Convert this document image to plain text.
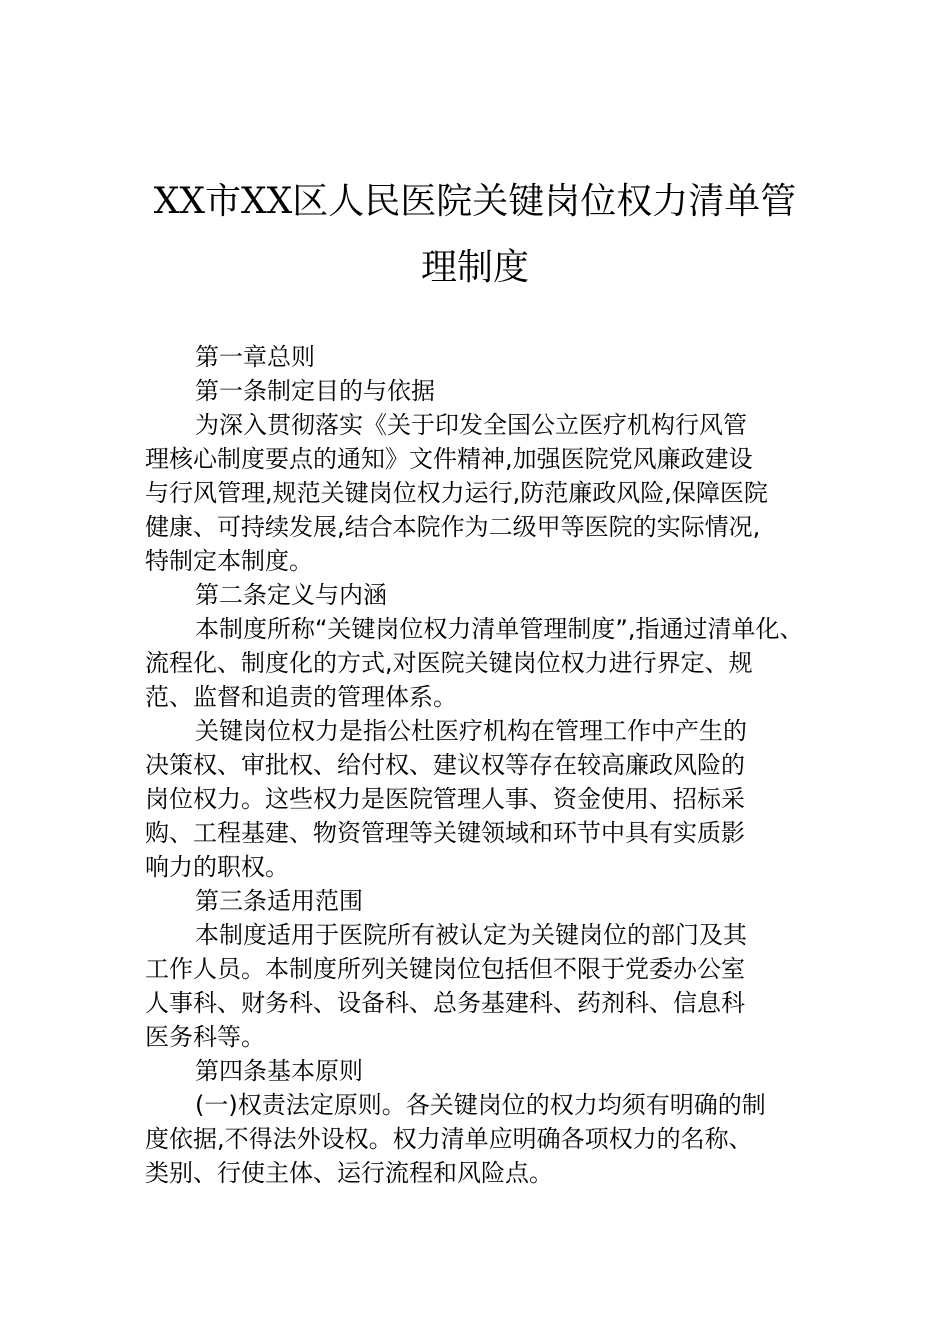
XX市XX区人民医院关键岗位权力清单管
理制度
第一章总则
第一条制定目的与依据
为深入贯彻落实《关于印发全国公立医疗机构行风管
理核心制度要点的通知》文件精神,加强医院党风廉政建设
与行风管理,规范关键岗位权力运行,防范廉政风险,保障医院
健康、可持续发展,结合本院作为二级甲等医院的实际情况,
特制定本制度。
第二条定义与内涵
本制度所称“关键岗位权力清单管理制度”,指通过清单化、
流程化、制度化的方式,对医院关键岗位权力进行界定、规
范、监督和追责的管理体系。
关键岗位权力是指公杜医疗机构在管理工作中产生的
决策权、审批权、给付权、建议权等存在较高廉政风险的
岗位权力。这些权力是医院管理人事、资金使用、招标采
购、工程基建、物资管理等关键领域和环节中具有实质影
响力的职权。
第三条适用范围
本制度适用于医院所有被认定为关键岗位的部门及其
工作人员。本制度所列关键岗位包括但不限于党委办公室
人事科、财务科、设备科、总务基建科、药剂科、信息科
医务科等。
第四条基本原则
(一)权责法定原则。各关键岗位的权力均须有明确的制
度依据,不得法外设权。权力清单应明确各项权力的名称、
类别、行使主体、运行流程和风险点。
